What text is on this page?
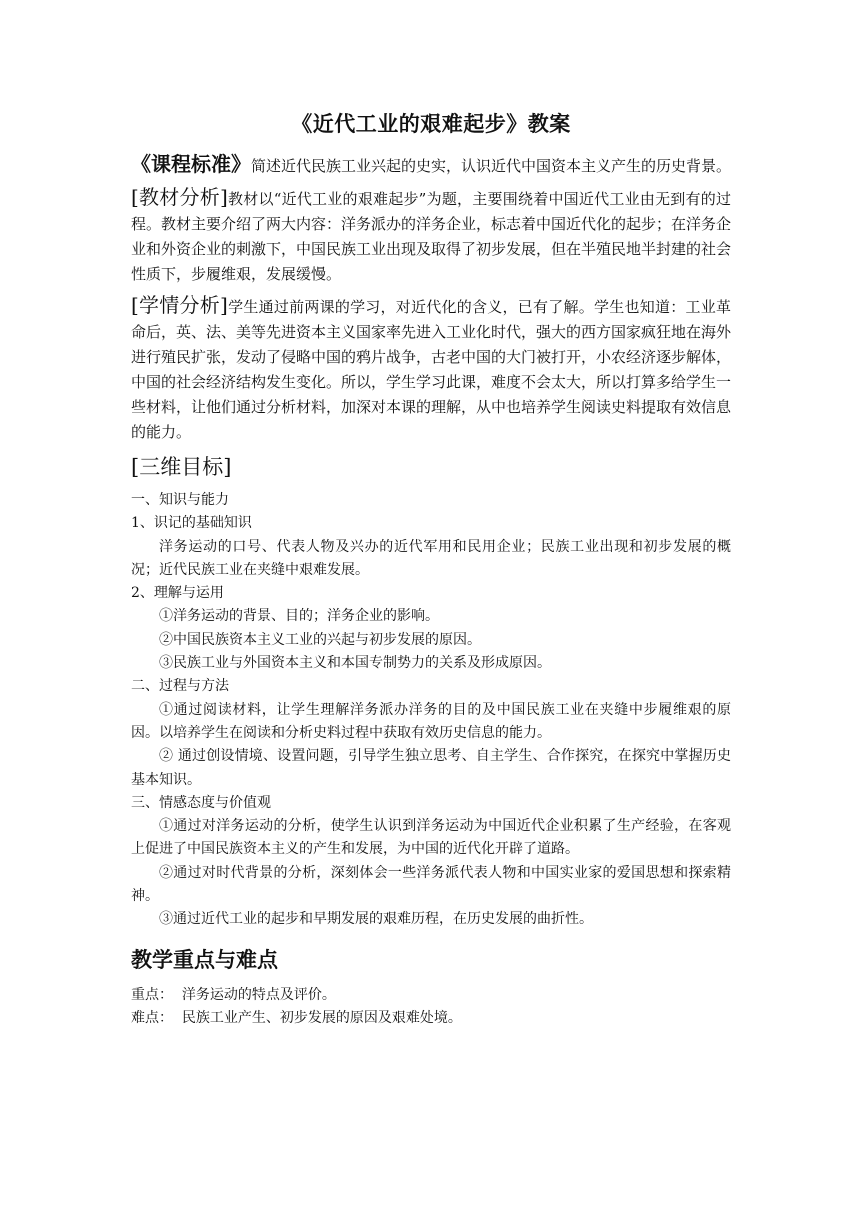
《近代工业的艰难起步》教案

《课程标准》简述近代民族工业兴起的史实，认识近代中国资本主义产生的历史背景。

[教材分析]教材以“近代工业的艰难起步”为题，主要围绕着中国近代工业由无到有的过程。教材主要介绍了两大内容：洋务派办的洋务企业，标志着中国近代化的起步；在洋务企业和外资企业的刺激下，中国民族工业出现及取得了初步发展，但在半殖民地半封建的社会性质下，步履维艰，发展缓慢。

[学情分析]学生通过前两课的学习，对近代化的含义，已有了解。学生也知道：工业革命后，英、法、美等先进资本主义国家率先进入工业化时代，强大的西方国家疯狂地在海外进行殖民扩张，发动了侵略中国的鸦片战争，古老中国的大门被打开，小农经济逐步解体，中国的社会经济结构发生变化。所以，学生学习此课，难度不会太大，所以打算多给学生一些材料，让他们通过分析材料，加深对本课的理解，从中也培养学生阅读史料提取有效信息的能力。

[三维目标]

一、知识与能力

1、识记的基础知识

洋务运动的口号、代表人物及兴办的近代军用和民用企业；民族工业出现和初步发展的概况；近代民族工业在夹缝中艰难发展。

2、理解与运用

①洋务运动的背景、目的；洋务企业的影响。

②中国民族资本主义工业的兴起与初步发展的原因。

③民族工业与外国资本主义和本国专制势力的关系及形成原因。

二、过程与方法

①通过阅读材料，让学生理解洋务派办洋务的目的及中国民族工业在夹缝中步履维艰的原因。以培养学生在阅读和分析史料过程中获取有效历史信息的能力。

② 通过创设情境、设置问题，引导学生独立思考、自主学生、合作探究，在探究中掌握历史基本知识。

三、情感态度与价值观

①通过对洋务运动的分析，使学生认识到洋务运动为中国近代企业积累了生产经验，在客观上促进了中国民族资本主义的产生和发展，为中国的近代化开辟了道路。

②通过对时代背景的分析，深刻体会一些洋务派代表人物和中国实业家的爱国思想和探索精神。

③通过近代工业的起步和早期发展的艰难历程，在历史发展的曲折性。

教学重点与难点

重点：  洋务运动的特点及评价。

难点：  民族工业产生、初步发展的原因及艰难处境。
